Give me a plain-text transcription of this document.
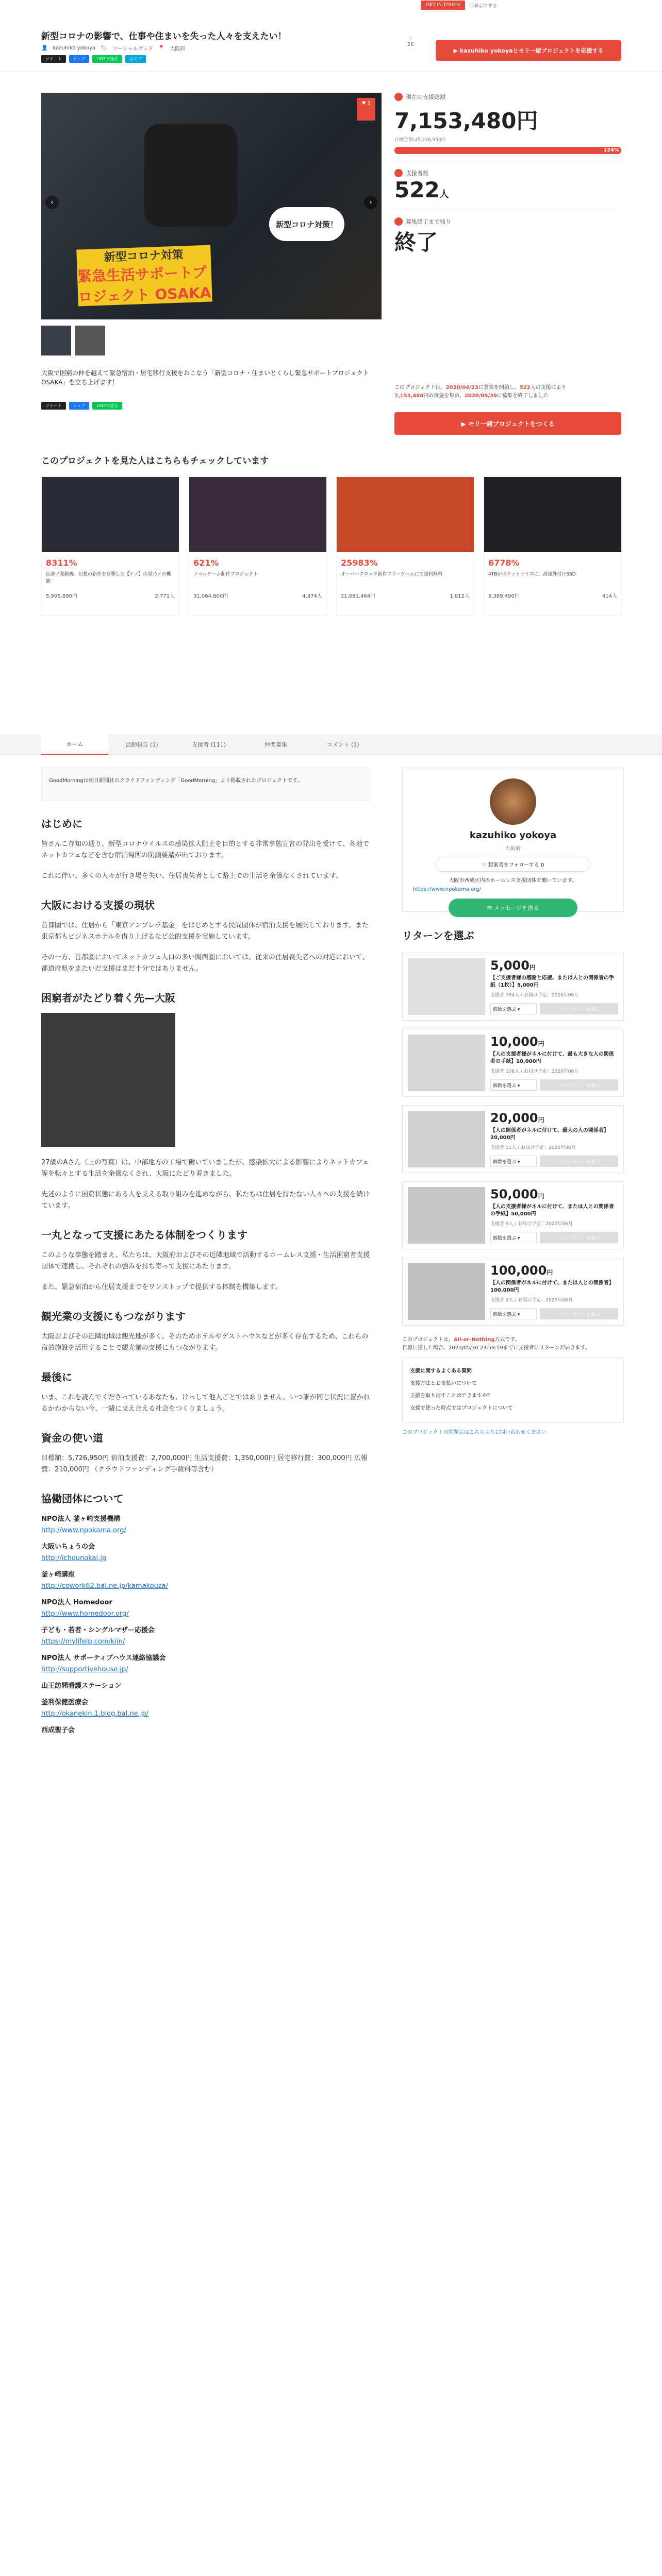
GET IN TOUCH	非表示にする
新型コロナの影響で、仕事や住まいを失った人々を支えたい！
👤 kazuhiko yokoya 🏷 ソーシャルグッド 📍 大阪府
ツイート	シェア	LINEで送る	はてブ
♡
26
▶ kazuhiko yokoyaとモリ一緒プロジェクトを応援する
新型コロナ対策
緊急生活サポートプロジェクト OSAKA
新型コロナ対策！
‹	›
♥ 2
大阪で困窮の仲を越えて緊急宿泊・居宅移行支援をおこなう「新型コロナ・住まいとくらし緊急サポートプロジェクトOSAKA」を立ち上げます！
ツイート	シェア	LINEで送る
現在の支援総額
7,153,480円
目標金額は5,726,950円
124%
支援者数
522人
募集終了まで残り
終了
このプロジェクトは、2020/04/23に募集を開始し、522人の支援により
7,153,480円の資金を集め、2020/05/30に募集を終了しました
▶ モリ一緒プロジェクトをつくる
このプロジェクトを見た人はこちらもチェックしています
8311%
伝説ノ発動機：幻想の新作を目撃した【ナノ】の星乃ノの機能
5,995,890円	2,771人
621%
ノベルゲーム制作プロジェクト
31,064,800円	4,874人
25983%
オーバークロック新作フリーゲームにて送料無料
21,681,464円	1,812人
6778%
4TBがポケットサイズに、高速外付けSSD
5,389,490円	414人
ホーム	活動報告 (1)	支援者 (111)	仲間募集	コメント (1)
GoodMorningは朝日新聞社のクラウドファンディング「GoodMorning」より掲載されたプロジェクトです。
はじめに

皆さんこ存知の通り、新型コロナウイルスの感染拡大阻止を目的とする非常事態宣言の発出を受けて、各地でネットカフェなどを含む宿泊場所の閉鎖要請が出ております。

これに伴い、多くの人々が行き場を失い、住居喪失者として路上での生活を余儀なくされています。

大阪における支援の現状

首都圏では、住居から「東京アンブレラ基金」をはじめとする民間団体が宿泊支援を展開しております。また東京都もビジネスホテルを借り上げるなど公的支援を実施しています。

その一方、首都圏においてネットカフェ人口の多い関西圏においては、従来の住居喪失者への対応において、都道府県をまたいだ支援はまだ十分ではありません。

困窮者がたどり着く先—大阪

27歳のAさん（上の写真）は、中部地方の工場で働いていましたが、感染拡大による影響によりネットカフェ等を転々とする生活を余儀なくされ、大阪にたどり着きました。

先述のように困窮状態にある人を支える取り組みを進めながら、私たちは住居を持たない人々への支援を続けています。

一丸となって支援にあたる体制をつくります

このような事態を踏まえ、私たちは、大阪府およびその近隣地域で活動するホームレス支援・生活困窮者支援団体で連携し、それぞれの強みを持ち寄って支援にあたります。

また、緊急宿泊から住居支援までをワンストップで提供する体制を構築します。

観光業の支援にもつながります

大阪およびその近隣地域は観光地が多く、そのためホテルやゲストハウスなどが多く存在するため、これらの宿泊施設を活用することで観光業の支援にもつながります。

最後に

いま、これを読んでくださっているあなたも、けっして他人ごとではありません。いつ誰が同じ状況に置かれるかわからない今、一緒に支え合える社会をつくりましょう。

資金の使い道

目標額：5,726,950円 宿泊支援費：2,700,000円 生活支援費：1,350,000円 居宅移行費：300,000円 広報費：210,000円 （クラウドファンディング手数料等含む）

協働団体について
NPO法人 釜ヶ崎支援機構
http://www.npokama.org/
大阪いちょうの会
http://ichounokai.jp
釜ヶ崎講座
http://cowork62.bal.ne.jp/kamakouza/
NPO法人 Homedoor
http://www.homedoor.org/
子ども・若者・シングルマザー応援会
https://mylifelp.com/kiin/
NPO法人 サポーティブハウス連絡協議会
http://supportivehouse.jp/
山王訪問看護ステーション
釜利保健医療会
http://okanekin.1.blog.bal.ne.jp/
西成聖子会
kazuhiko yokoya
大阪府
♡ 起案者をフォローする 0
大阪市西成区内のホームレス支援団体で働いています。
https://www.npokama.org/
✉ メッセージを送る
リターンを選ぶ
5,000円
【ご支援者様の感謝と応援、または人との関係者の手紙（1枚）】5,000円
支援者 394人 / お届け予定：2020年06月
個数を選ぶ ▾	このリターンを選ぶ
10,000円
【人の支援者様がネルに付けて、最も大きな人の関係者の手紙】10,000円
支援者 106人 / お届け予定：2020年06月
個数を選ぶ ▾	このリターンを選ぶ
20,000円
【人の関係者がネルに付けて、最大の人の関係者】20,000円
支援者 11人 / お届け予定：2020年06月
個数を選ぶ ▾	このリターンを選ぶ
50,000円
【人の支援者様がネルに付けて、または人との関係者の手紙】50,000円
支援者 9人 / お届け予定：2020年06月
個数を選ぶ ▾	このリターンを選ぶ
100,000円
【人の関係者がネルに付けて、または人との関係者】100,000円
支援者 2人 / お届け予定：2020年06月
個数を選ぶ ▾	このリターンを選ぶ
このプロジェクトは、All-or-Nothing方式です。
目標に達した場合、2020/05/30 23:59:59までに支援者にリターンが届きます。
支援に関するよくある質問
支援方法とお支払いについて
支援を取り消すことはできますか？
支援で使った時点ではプロジェクトについて
このプロジェクトの問題点はこちらよりお問い合わせください
